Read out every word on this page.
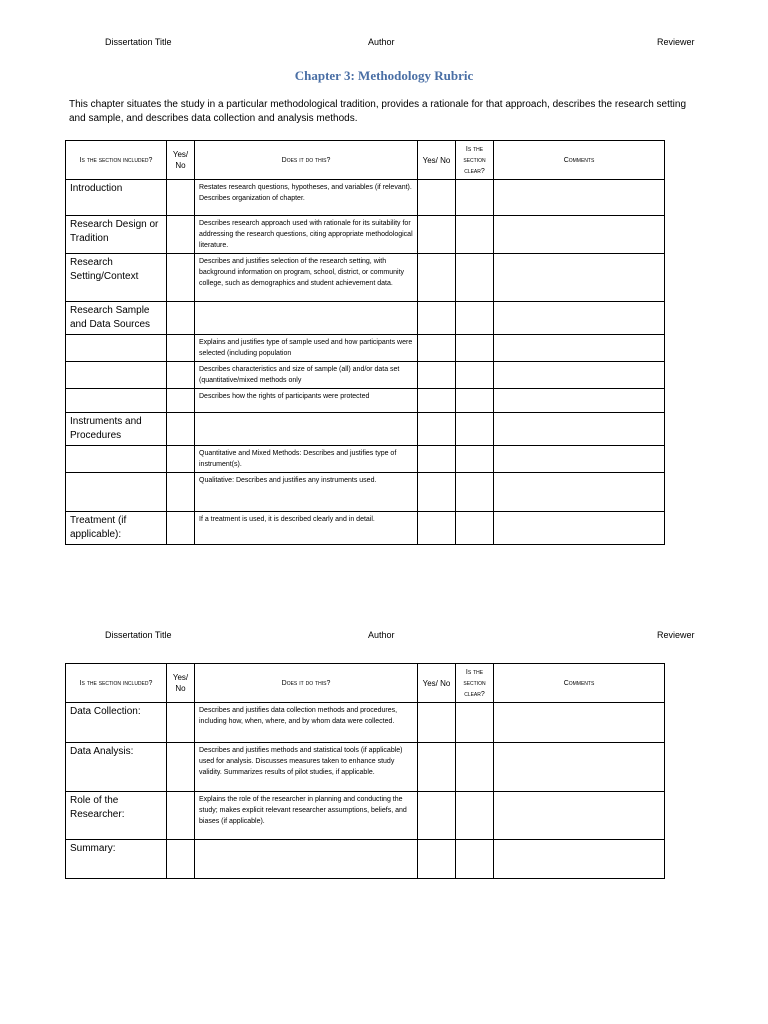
Dissertation Title	Author	Reviewer
Chapter 3: Methodology Rubric
This chapter situates the study in a particular methodological tradition, provides a rationale for that approach, describes the research setting and sample, and describes data collection and analysis methods.
Is the section included?	Yes/ No	Does it do this?	Yes/ No	Is the section clear?	Comments
Introduction		Restates research questions, hypotheses, and variables (if relevant). Describes organization of chapter.			
Research Design or Tradition		Describes research approach used with rationale for its suitability for addressing the research questions, citing appropriate methodological literature.			
Research Setting/Context		Describes and justifies selection of the research setting, with background information on program, school, district, or community college, such as demographics and student achievement data.			
Research Sample and Data Sources					
		Explains and justifies type of sample used and how participants were selected (including population			
		Describes characteristics and size of sample (all) and/or data set (quantitative/mixed methods only			
		Describes how the rights of participants were protected			
Instruments and Procedures					
		Quantitative and Mixed Methods: Describes and justifies type of instrument(s).			
		Qualitative: Describes and justifies any instruments used.			
Treatment (if applicable):		If a treatment is used, it is described clearly and in detail.			
Dissertation Title	Author	Reviewer
Is the section included?	Yes/ No	Does it do this?	Yes/ No	Is the section clear?	Comments
Data Collection:		Describes and justifies data collection methods and procedures, including how, when, where, and by whom data were collected.			
Data Analysis:		Describes and justifies methods and statistical tools (if applicable) used for analysis. Discusses measures taken to enhance study validity. Summarizes results of pilot studies, if applicable.			
Role of the Researcher:		Explains the role of the researcher in planning and conducting the study; makes explicit relevant researcher assumptions, beliefs, and biases (if applicable).			
Summary:					
